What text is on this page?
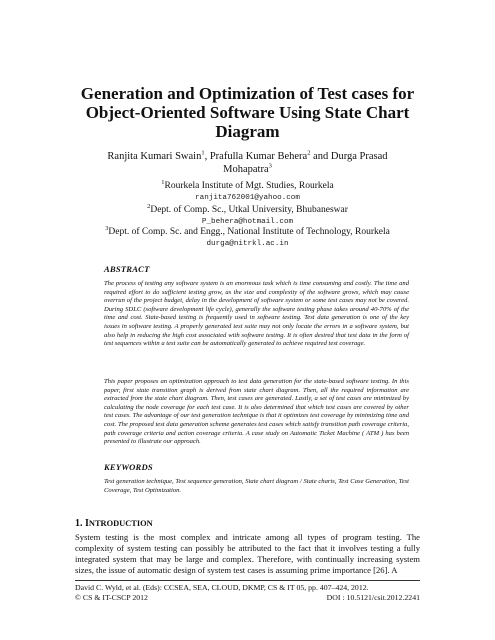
Generation and Optimization of Test cases for
Object-Oriented Software Using State Chart
Diagram
Ranjita Kumari Swain$^1$, Prafulla Kumar Behera$^2$ and Durga Prasad
Mohapatra$^3$
$^1$Rourkela Institute of Mgt. Studies, Rourkela
ranjita762001@yahoo.com
$^2$Dept. of Comp. Sc., Utkal University, Bhubaneswar
P_behera@hotmail.com
$^3$Dept. of Comp. Sc. and Engg., National Institute of Technology, Rourkela
durga@nitrkl.ac.in
ABSTRACT
The process of testing any software system is an enormous task which is time consuming and costly. The time and required effort to do sufficient testing grow, as the size and complexity of the software grows, which may cause overrun of the project budget, delay in the development of software system or some test cases may not be covered. During SDLC (software development life cycle), generally the software testing phase takes around 40-70% of the time and cost. State-based testing is frequently used in software testing. Test data generation is one of the key issues in software testing. A properly generated test suite may not only locate the errors in a software system, but also help in reducing the high cost associated with software testing. It is often desired that test data in the form of test sequences within a test suite can be automatically generated to achieve required test coverage.
This paper proposes an optimization approach to test data generation for the state-based software testing. In this paper, first state transition graph is derived from state chart diagram. Then, all the required information are extracted from the state chart diagram. Then, test cases are generated. Lastly, a set of test cases are minimized by calculating the node coverage for each test case. It is also determined that which test cases are covered by other test cases. The advantage of our test generation technique is that it optimizes test coverage by minimizing time and cost. The proposed test data generation scheme generates test cases which satisfy transition path coverage criteria, path coverage criteria and action coverage criteria. A case study on Automatic Ticket Machine ( ATM ) has been presented to illustrate our approach.
KEYWORDS
Test generation technique, Test sequence generation, State chart diagram / State charts, Test Case Generation, Test Coverage, Test Optimization.
1. INTRODUCTION
System testing is the most complex and intricate among all types of program testing. The complexity of system testing can possibly be attributed to the fact that it involves testing a fully integrated system that may be large and complex. Therefore, with continually increasing system sizes, the issue of automatic design of system test cases is assuming prime importance [26]. A
David C. Wyld, et al. (Eds): CCSEA, SEA, CLOUD, DKMP, CS & IT 05, pp. 407–424, 2012.
© CS & IT-CSCP 2012	DOI : 10.5121/csit.2012.2241
